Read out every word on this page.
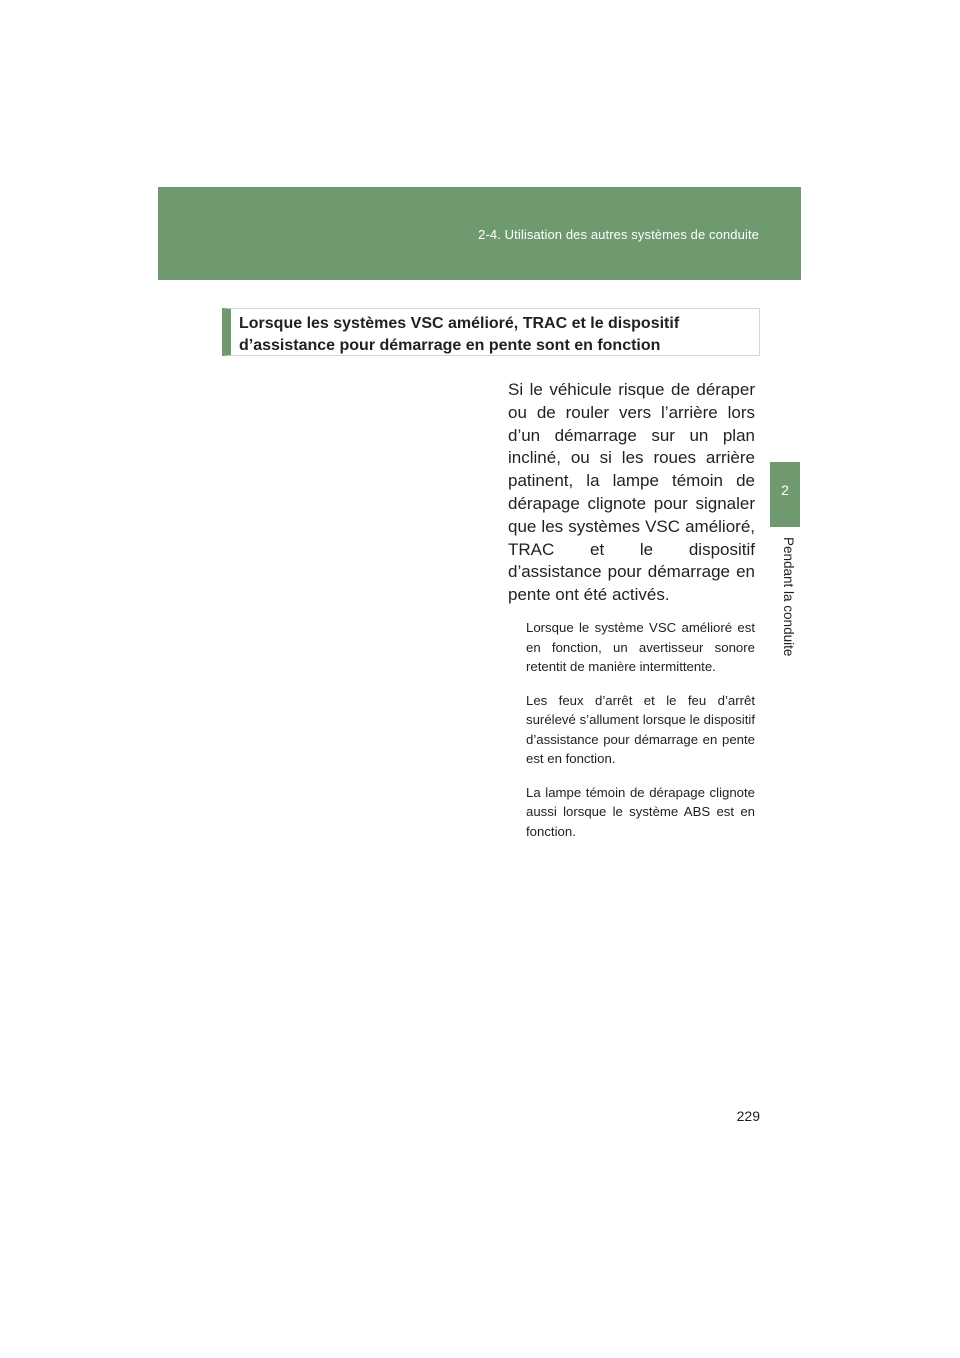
2-4. Utilisation des autres systèmes de conduite
2
Pendant la conduite
Lorsque les systèmes VSC amélioré, TRAC et le dispositif d’assistance pour démarrage en pente sont en fonction
Si le véhicule risque de déraper ou de rouler vers l’arrière lors d’un démarrage sur un plan incliné, ou si les roues arrière patinent, la lampe témoin de dérapage clignote pour signaler que les systèmes VSC amélioré, TRAC et le dispositif d’assistance pour démarrage en pente ont été activés.

Lorsque le système VSC amélioré est en fonction, un avertisseur sonore retentit de manière intermittente.

Les feux d’arrêt et le feu d’arrêt surélevé s’allument lorsque le dispositif d’assistance pour démarrage en pente est en fonction.

La lampe témoin de dérapage clignote aussi lorsque le système ABS est en fonction.

229
